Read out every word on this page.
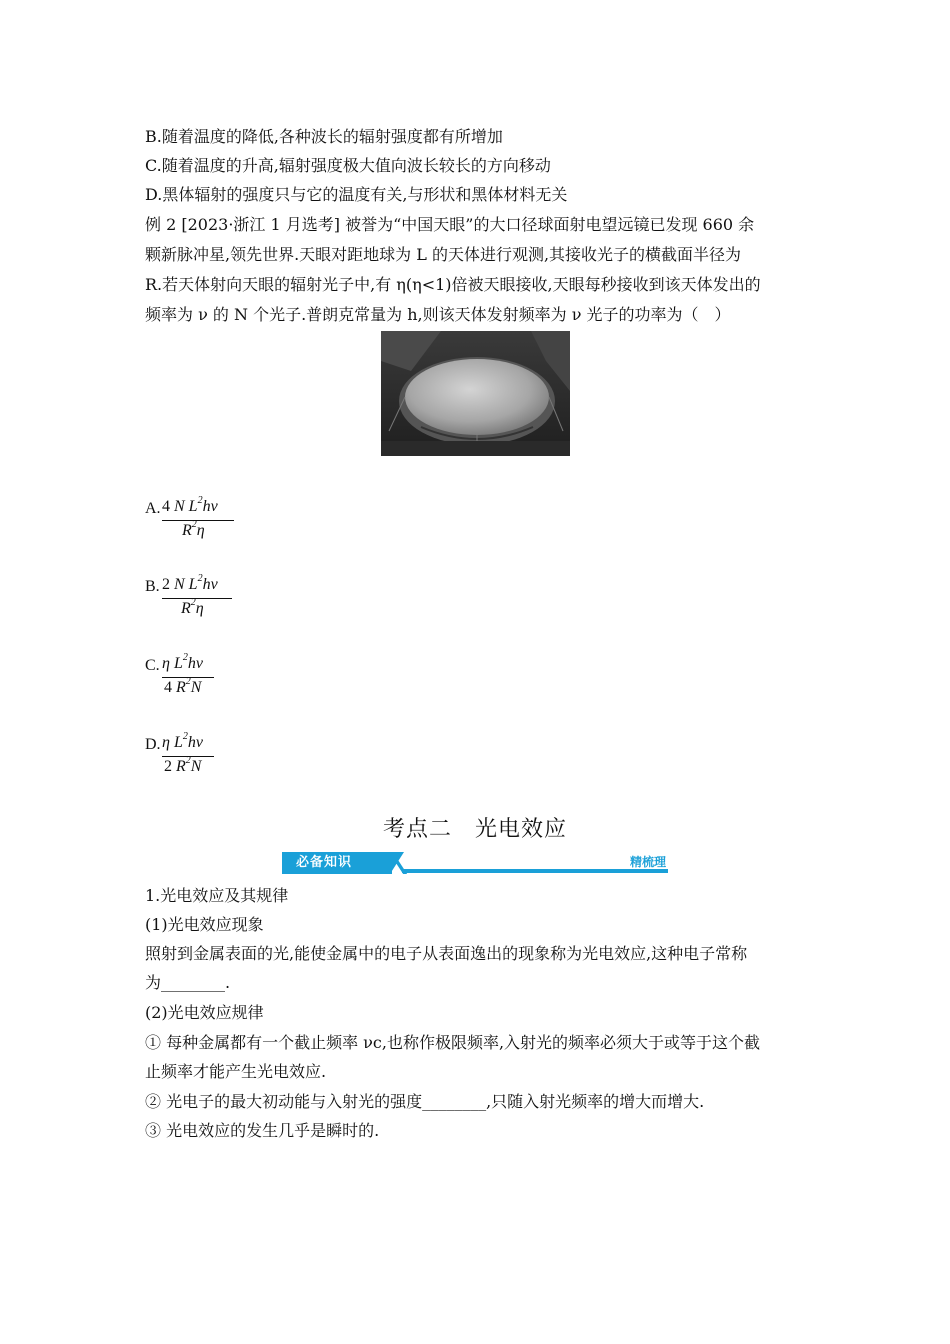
B.随着温度的降低,各种波长的辐射强度都有所增加
C.随着温度的升高,辐射强度极大值向波长较长的方向移动
D.黑体辐射的强度只与它的温度有关,与形状和黑体材料无关
例 2 [2023·浙江 1 月选考] 被誉为“中国天眼”的大口径球面射电望远镜已发现 660 余
颗新脉冲星,领先世界.天眼对距地球为 L 的天体进行观测,其接收光子的横截面半径为
R.若天体射向天眼的辐射光子中,有 η(η<1)倍被天眼接收,天眼每秒接收到该天体发出的
频率为 ν 的 N 个光子.普朗克常量为 h,则该天体发射频率为 ν 光子的功率为（　）
A. 4 N $L^2h\nu$
$R^2\eta$
B. 2 N $L^2h\nu$
$R^2\eta$
C. η $L^2h\nu$
4 $R^2N$
D. η $L^2h\nu$
2 $R^2N$
考点二　光电效应
必备知识	精梳理
1.光电效应及其规律
(1)光电效应现象
照射到金属表面的光,能使金属中的电子从表面逸出的现象称为光电效应,这种电子常称
为________.
(2)光电效应规律
① 每种金属都有一个截止频率 νc,也称作极限频率,入射光的频率必须大于或等于这个截
止频率才能产生光电效应.
② 光电子的最大初动能与入射光的强度________,只随入射光频率的增大而增大.
③ 光电效应的发生几乎是瞬时的.
